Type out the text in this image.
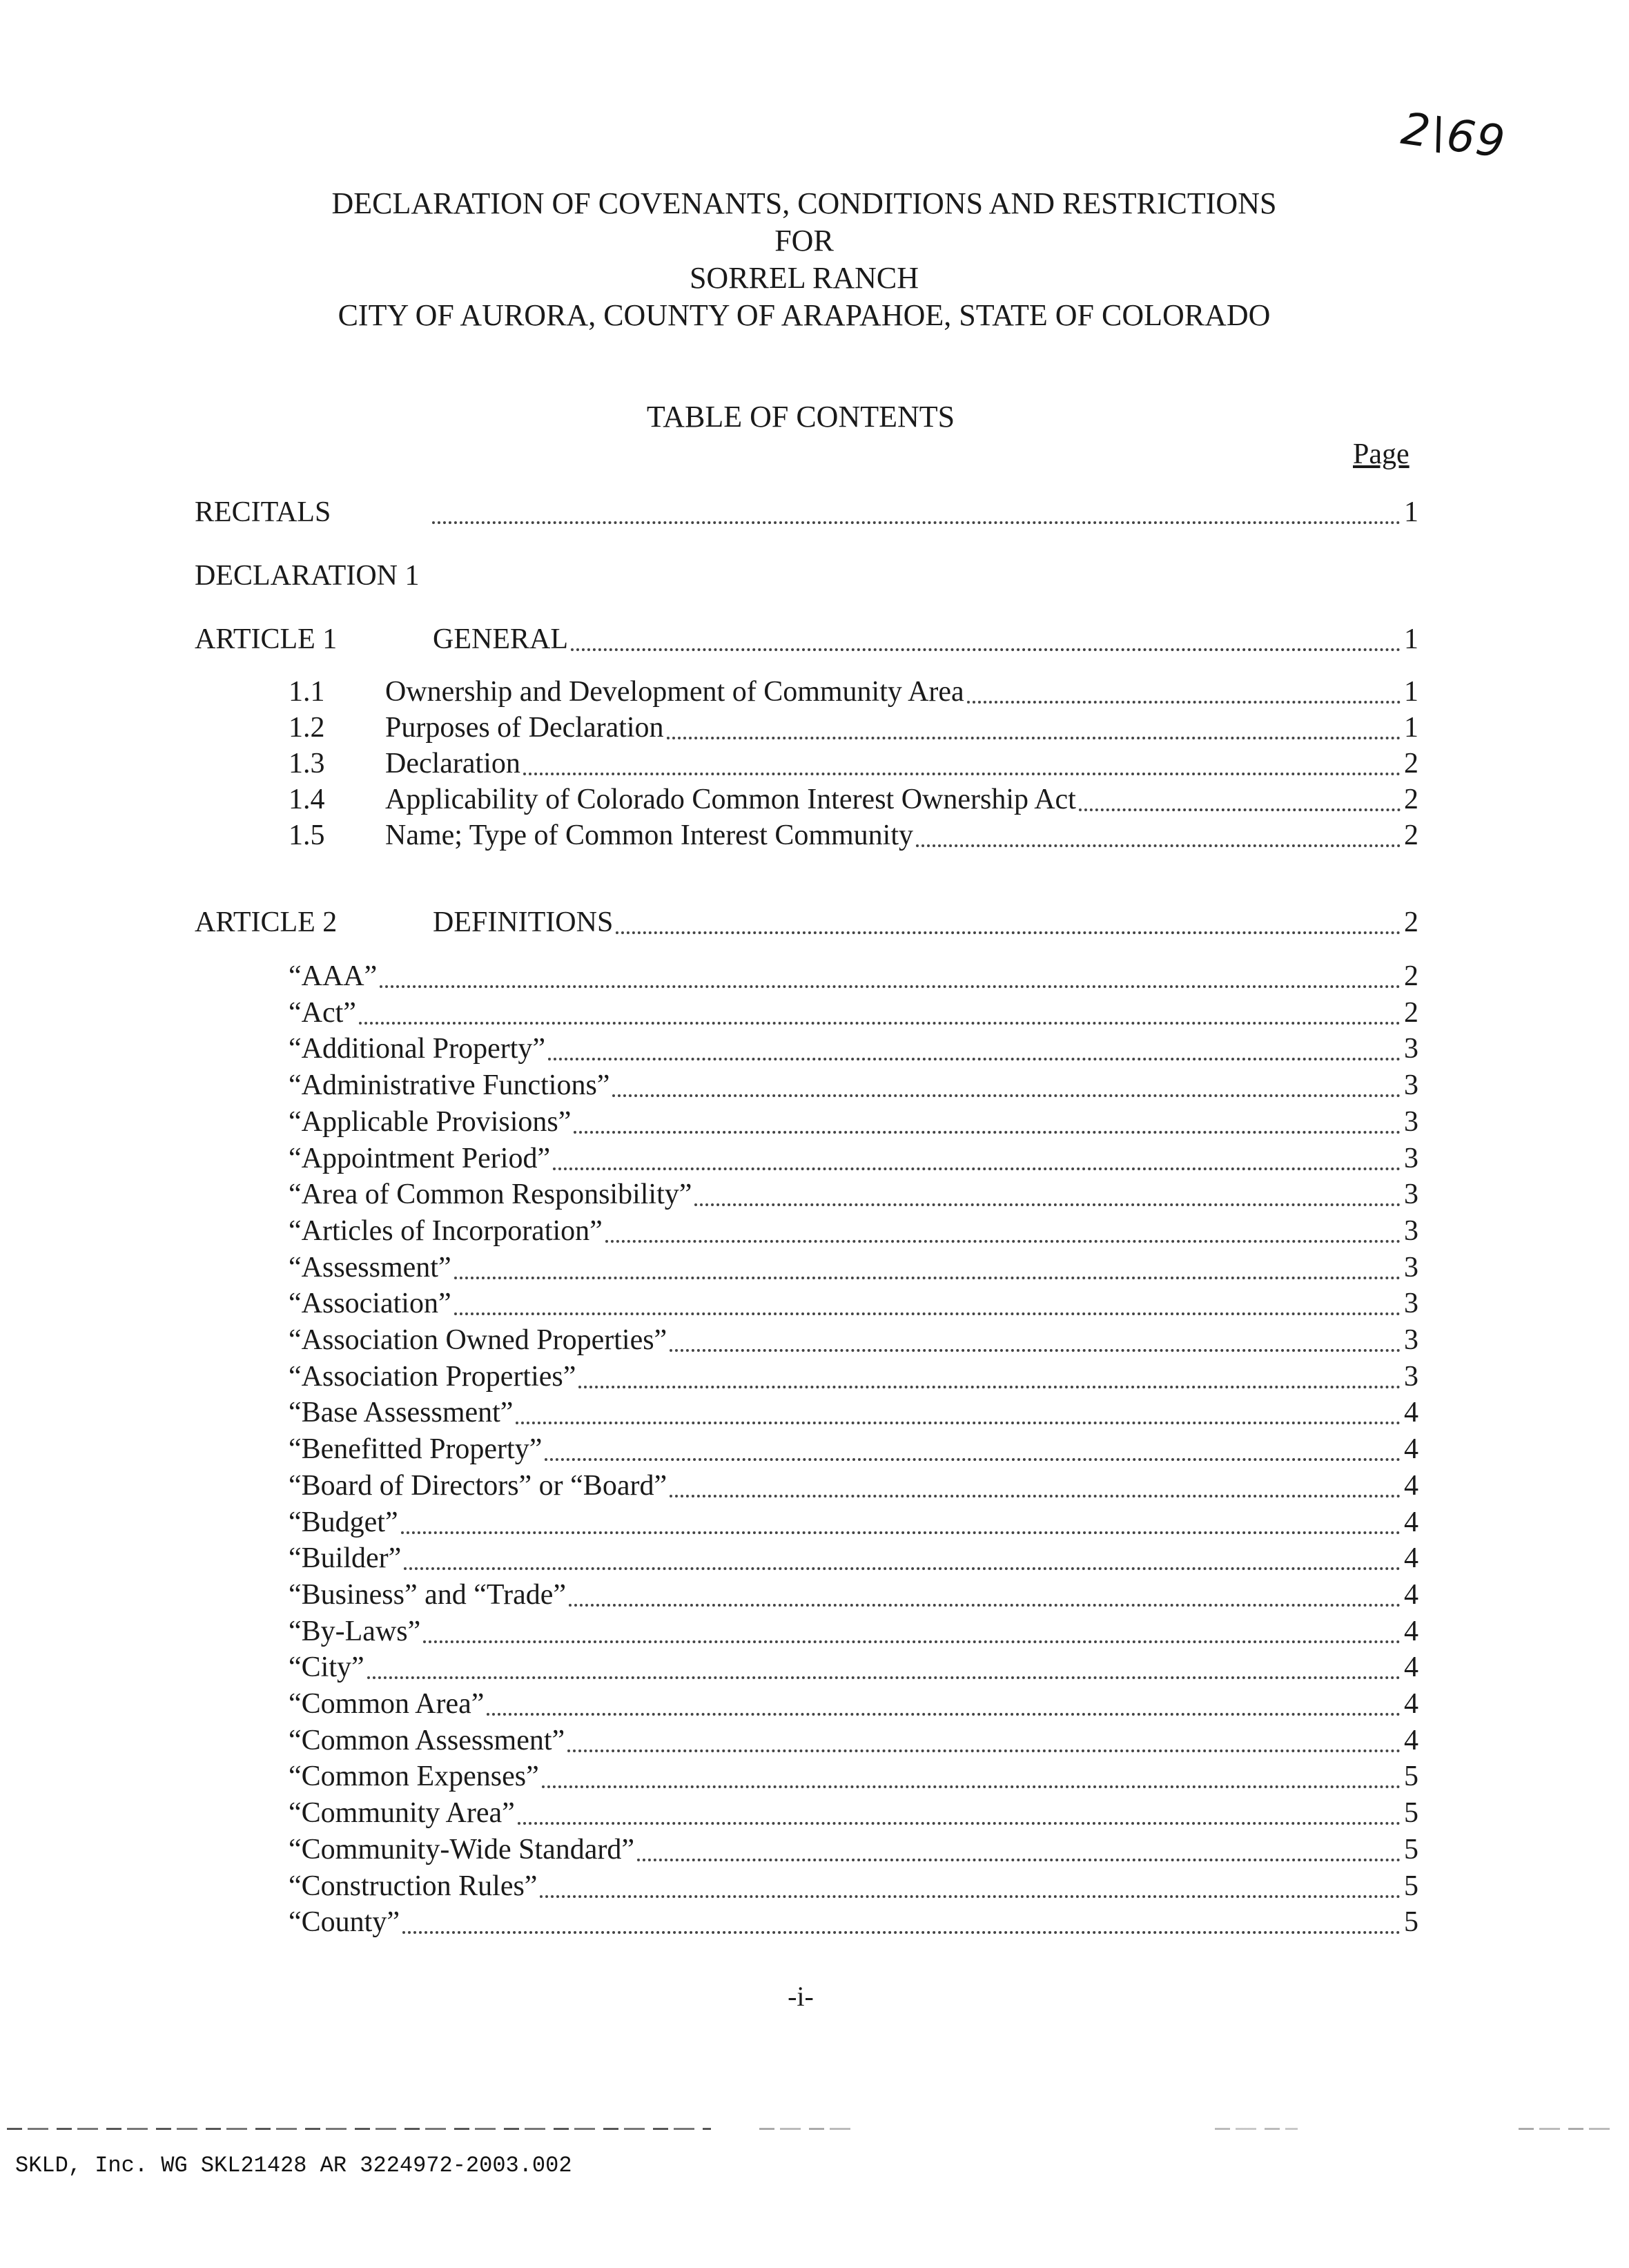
2\69
DECLARATION OF COVENANTS, CONDITIONS AND RESTRICTIONS
FOR
SORREL RANCH
CITY OF AURORA, COUNTY OF ARAPAHOE, STATE OF COLORADO
TABLE OF CONTENTS
Page
RECITALS	1
DECLARATION 1
ARTICLE 1	GENERAL	1
1.1	Ownership and Development of Community Area	1
1.2	Purposes of Declaration	1
1.3	Declaration	2
1.4	Applicability of Colorado Common Interest Ownership Act	2
1.5	Name; Type of Common Interest Community	2
ARTICLE 2	DEFINITIONS	2
“AAA”	2
“Act”	2
“Additional Property”	3
“Administrative Functions”	3
“Applicable Provisions”	3
“Appointment Period”	3
“Area of Common Responsibility”	3
“Articles of Incorporation”	3
“Assessment”	3
“Association”	3
“Association Owned Properties”	3
“Association Properties”	3
“Base Assessment”	4
“Benefitted Property”	4
“Board of Directors” or “Board”	4
“Budget”	4
“Builder”	4
“Business” and “Trade”	4
“By-Laws”	4
“City”	4
“Common Area”	4
“Common Assessment”	4
“Common Expenses”	5
“Community Area”	5
“Community-Wide Standard”	5
“Construction Rules”	5
“County”	5
-i-
SKLD, Inc. WG SKL21428 AR 3224972-2003.002
